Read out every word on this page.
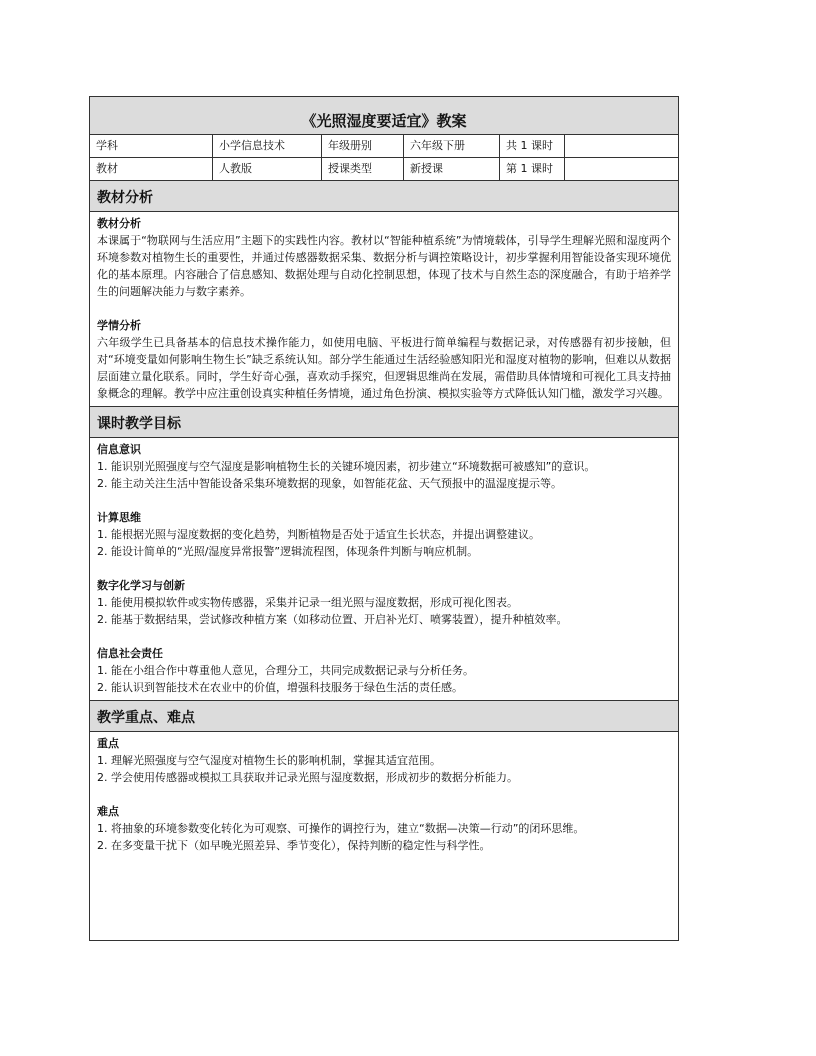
《光照湿度要适宜》教案
学科	小学信息技术	年级册别	六年级下册	共 1 课时
教材	人教版	授课类型	新授课	第 1 课时
教材分析
教材分析
本课属于“物联网与生活应用”主题下的实践性内容。教材以“智能种植系统”为情境载体，引导学生理解光照和湿度两个环境参数对植物生长的重要性，并通过传感器数据采集、数据分析与调控策略设计，初步掌握利用智能设备实现环境优化的基本原理。内容融合了信息感知、数据处理与自动化控制思想，体现了技术与自然生态的深度融合，有助于培养学生的问题解决能力与数字素养。
学情分析
六年级学生已具备基本的信息技术操作能力，如使用电脑、平板进行简单编程与数据记录，对传感器有初步接触，但对“环境变量如何影响生物生长”缺乏系统认知。部分学生能通过生活经验感知阳光和湿度对植物的影响，但难以从数据层面建立量化联系。同时，学生好奇心强，喜欢动手探究，但逻辑思维尚在发展，需借助具体情境和可视化工具支持抽象概念的理解。教学中应注重创设真实种植任务情境，通过角色扮演、模拟实验等方式降低认知门槛，激发学习兴趣。
课时教学目标
信息意识
1. 能识别光照强度与空气湿度是影响植物生长的关键环境因素，初步建立“环境数据可被感知”的意识。
2. 能主动关注生活中智能设备采集环境数据的现象，如智能花盆、天气预报中的温湿度提示等。
计算思维
1. 能根据光照与湿度数据的变化趋势，判断植物是否处于适宜生长状态，并提出调整建议。
2. 能设计简单的“光照/湿度异常报警”逻辑流程图，体现条件判断与响应机制。
数字化学习与创新
1. 能使用模拟软件或实物传感器，采集并记录一组光照与湿度数据，形成可视化图表。
2. 能基于数据结果，尝试修改种植方案（如移动位置、开启补光灯、喷雾装置），提升种植效率。
信息社会责任
1. 能在小组合作中尊重他人意见，合理分工，共同完成数据记录与分析任务。
2. 能认识到智能技术在农业中的价值，增强科技服务于绿色生活的责任感。
教学重点、难点
重点
1. 理解光照强度与空气湿度对植物生长的影响机制，掌握其适宜范围。
2. 学会使用传感器或模拟工具获取并记录光照与湿度数据，形成初步的数据分析能力。
难点
1. 将抽象的环境参数变化转化为可观察、可操作的调控行为，建立“数据—决策—行动”的闭环思维。
2. 在多变量干扰下（如早晚光照差异、季节变化），保持判断的稳定性与科学性。
